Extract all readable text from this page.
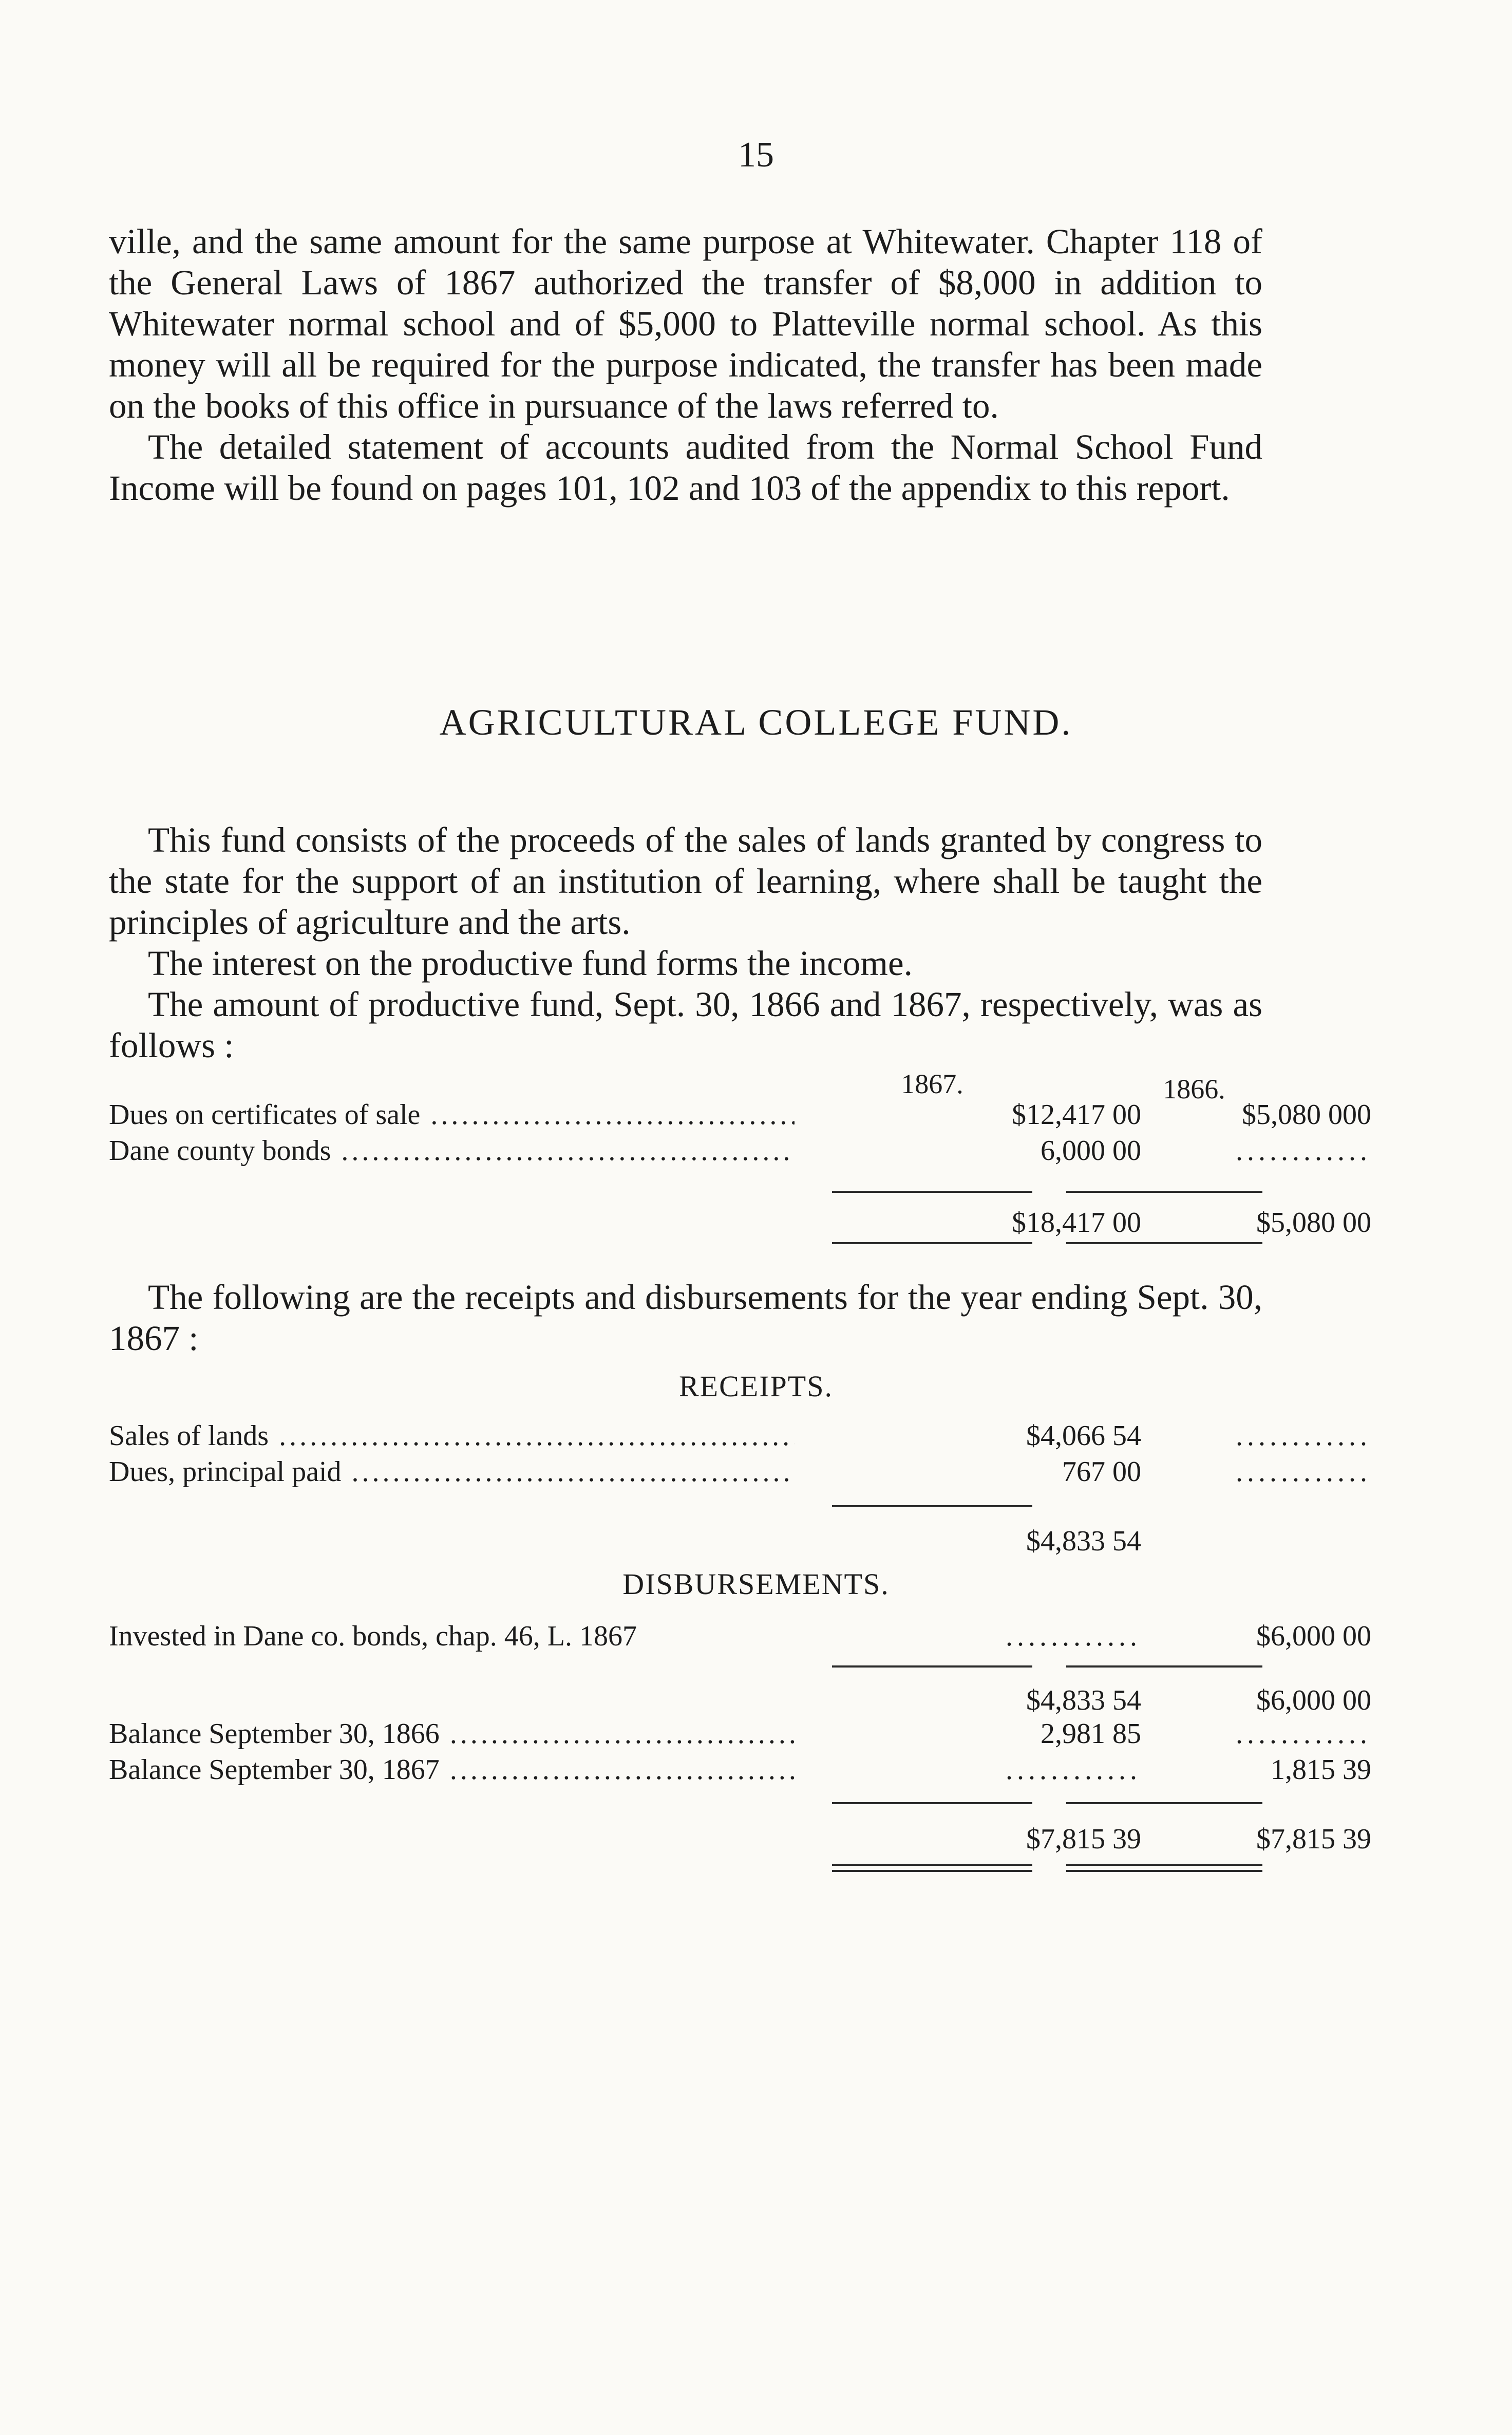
15

ville, and the same amount for the same purpose at Whitewater. Chapter 118 of the General Laws of 1867 authorized the transfer of $8,000 in addition to Whitewater normal school and of $5,000 to Platteville normal school. As this money will all be required for the purpose indicated, the transfer has been made on the books of this office in pursuance of the laws referred to.

The detailed statement of accounts audited from the Normal School Fund Income will be found on pages 101, 102 and 103 of the appendix to this report.

AGRICULTURAL COLLEGE FUND.

This fund consists of the proceeds of the sales of lands granted by congress to the state for the support of an institution of learning, where shall be taught the principles of agriculture and the arts.

The interest on the productive fund forms the income.

The amount of productive fund, Sept. 30, 1866 and 1867, respectively, was as follows :

1867.	1866.
Dues on certificates of sale .....	$12,417 00	$5,080 000
Dane county bonds .....	6,000 00	............
$18,417 00	$5,080 00

The following are the receipts and disbursements for the year ending Sept. 30, 1867 :

RECEIPTS.
Sales of lands .....	$4,066 54	............
Dues, principal paid .....	767 00	............
$4,833 54
DISBURSEMENTS.
Invested in Dane co. bonds, chap. 46, L. 1867	............	$6,000 00
$4,833 54	$6,000 00
Balance September 30, 1866 .....	2,981 85	............
Balance September 30, 1867 .....	............	1,815 39
$7,815 39	$7,815 39
